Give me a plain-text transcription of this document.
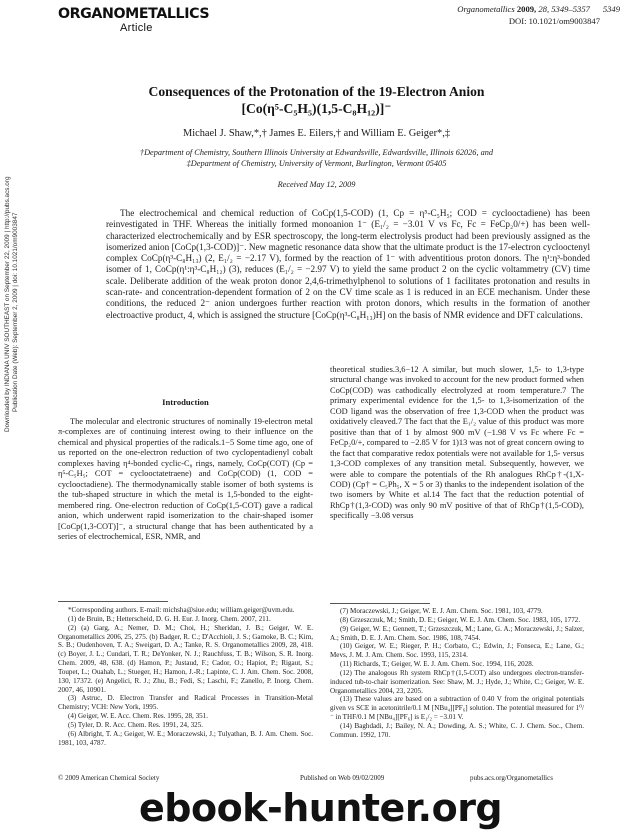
ORGANOMETALLICS
Article
Organometallics 2009, 28, 5349–5357 5349
DOI: 10.1021/om9003847
Downloaded by INDIANA UNIV SOUTHEAST on September 22, 2009 | http://pubs.acs.org Publication Date (Web): September 2, 2009 | doi: 10.1021/om9003847
Consequences of the Protonation of the 19-Electron Anion
[Co(η⁵-C₅H₅)(1,5-C₈H₁₂)]⁻
Michael J. Shaw,*,† James E. Eilers,† and William E. Geiger*,‡
†Department of Chemistry, Southern Illinois University at Edwardsville, Edwardsville, Illinois 62026, and
‡Department of Chemistry, University of Vermont, Burlington, Vermont 05405
Received May 12, 2009
The electrochemical and chemical reduction of CoCp(1,5-COD) (1, Cp = η⁵-C₅H₅; COD = cyclooctadiene) has been reinvestigated in THF. Whereas the initially formed monoanion 1⁻ (E₁/₂ = −3.01 V vs Fc, Fc = FeCp₂0/+) has been well-characterized electrochemically and by ESR spectroscopy, the long-term electrolysis product had been previously assigned as the isomerized anion [CoCp(1,3-COD)]⁻. New magnetic resonance data show that the ultimate product is the 17-electron cyclooctenyl complex CoCp(η³-C₈H₁₃) (2, E₁/₂ = −2.17 V), formed by the reaction of 1⁻ with adventitious proton donors. The η¹:η³-bonded isomer of 1, CoCp(η¹:η³-C₈H₁₂) (3), reduces (E₁/₂ = −2.97 V) to yield the same product 2 on the cyclic voltammetry (CV) time scale. Deliberate addition of the weak proton donor 2,4,6-trimethylphenol to solutions of 1 facilitates protonation and results in scan-rate- and concentration-dependent formation of 2 on the CV time scale as 1 is reduced in an ECE mechanism. Under these conditions, the reduced 2⁻ anion undergoes further reaction with proton donors, which results in the formation of another electroactive product, 4, which is assigned the structure [CoCp(η³-C₈H₁₃)H] on the basis of NMR evidence and DFT calculations.
Introduction
The molecular and electronic structures of nominally 19-electron metal π-complexes are of continuing interest owing to their influence on the chemical and physical properties of the radicals.1−5 Some time ago, one of us reported on the one-electron reduction of two cyclopentadienyl cobalt complexes having η⁴-bonded cyclic-C₈ rings, namely, CoCp(COT) (Cp = η⁵-C₅H₅; COT = cyclooctatetraene) and CoCp(COD) (1, COD = cyclooctadiene). The thermodynamically stable isomer of both systems is the tub-shaped structure in which the metal is 1,5-bonded to the eight-membered ring. One-electron reduction of CoCp(1,5-COT) gave a radical anion, which underwent rapid isomerization to the chair-shaped isomer [CoCp(1,3-COT)]⁻, a structural change that has been authenticated by a series of electrochemical, ESR, NMR, and
theoretical studies.3,6−12 A similar, but much slower, 1,5- to 1,3-type structural change was invoked to account for the new product formed when CoCp(COD) was cathodically electrolyzed at room temperature.7 The primary experimental evidence for the 1,5- to 1,3-isomerization of the COD ligand was the observation of free 1,3-COD when the product was oxidatively cleaved.7 The fact that the E₁/₂ value of this product was more positive than that of 1 by almost 900 mV (−1.98 V vs Fc where Fc = FeCp₂0/+, compared to −2.85 V for 1)13 was not of great concern owing to the fact that comparative redox potentials were not available for 1,5- versus 1,3-COD complexes of any transition metal. Subsequently, however, we were able to compare the potentials of the Rh analogues RhCp†-(1,X-COD) (Cp† = C₅Ph₅, X = 5 or 3) thanks to the independent isolation of the two isomers by White et al.14 The fact that the reduction potential of RhCp†(1,3-COD) was only 90 mV positive of that of RhCp†(1,5-COD), specifically −3.08 versus

*Corresponding authors. E-mail: michsha@siue.edu; william.geiger@uvm.edu.

(1) de Bruin, B.; Hetterscheid, D. G. H. Eur. J. Inorg. Chem. 2007, 211.

(2) (a) Garg, A.; Nemer, D. M.; Choi, H.; Sheridan, J. B.; Geiger, W. E. Organometallics 2006, 25, 275. (b) Badger, R. C.; D'Acchioli, J. S.; Gamoke, B. C.; Kim, S. B.; Oudenhoven, T. A.; Sweigart, D. A.; Tanke, R. S. Organometallics 2009, 28, 418. (c) Boyer, J. L.; Cundari, T. R.; DeYonker, N. J.; Rauchfuss, T. B.; Wilson, S. R. Inorg. Chem. 2009, 48, 638. (d) Hamon, P.; Justaud, F.; Cador, O.; Hapiot, P.; Rigaut, S.; Toupet, L.; Ouahab, L.; Stueger, H.; Hamon, J.-R.; Lapinte, C. J. Am. Chem. Soc. 2008, 130, 17372. (e) Angelici, R. J.; Zhu, B.; Fedi, S.; Laschi, F.; Zanello, P. Inorg. Chem. 2007, 46, 10901.

(3) Astruc, D. Electron Transfer and Radical Processes in Transition-Metal Chemistry; VCH: New York, 1995.

(4) Geiger, W. E. Acc. Chem. Res. 1995, 28, 351.

(5) Tyler, D. R. Acc. Chem. Res. 1991, 24, 325.

(6) Albright, T. A.; Geiger, W. E.; Moraczewski, J.; Tulyathan, B. J. Am. Chem. Soc. 1981, 103, 4787.

(7) Moraczewski, J.; Geiger, W. E. J. Am. Chem. Soc. 1981, 103, 4779.

(8) Grzeszczuk, M.; Smith, D. E.; Geiger, W. E. J. Am. Chem. Soc. 1983, 105, 1772.

(9) Geiger, W. E.; Gennett, T.; Grzeszczuk, M.; Lane, G. A.; Moraczewski, J.; Salzer, A.; Smith, D. E. J. Am. Chem. Soc. 1986, 108, 7454.

(10) Geiger, W. E.; Rieger, P. H.; Corbato, C.; Edwin, J.; Fonseca, E.; Lane, G.; Mevs, J. M. J. Am. Chem. Soc. 1993, 115, 2314.

(11) Richards, T.; Geiger, W. E. J. Am. Chem. Soc. 1994, 116, 2028.

(12) The analogous Rh system RhCp†(1,5-COT) also undergoes electron-transfer-induced tub-to-chair isomerization. See: Shaw, M. J.; Hyde, J.; White, C.; Geiger, W. E. Organometallics 2004, 23, 2205.

(13) These values are based on a subtraction of 0.40 V from the original potentials given vs SCE in acetonitrile/0.1 M [NBu₄][PF₆] solution. The potential measured for 1⁰/⁻ in THF/0.1 M [NBu₄][PF₆] is E₁/₂ = −3.01 V.

(14) Baghdadi, J.; Bailey, N. A.; Dowding, A. S.; White, C. J. Chem. Soc., Chem. Commun. 1992, 170.

© 2009 American Chemical Society	Published on Web 09/02/2009	pubs.acs.org/Organometallics
ebook-hunter.org
